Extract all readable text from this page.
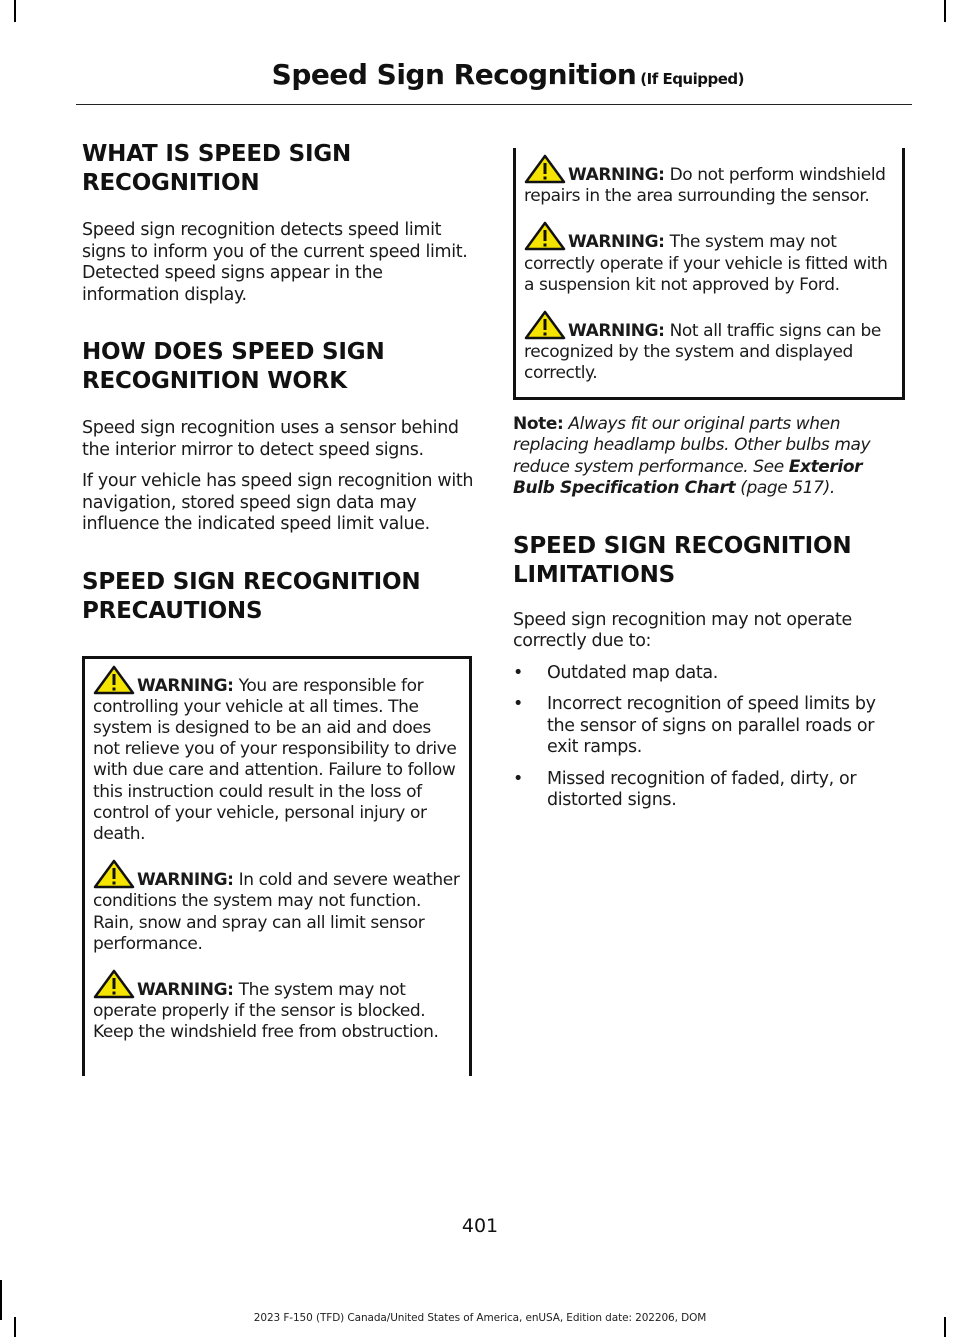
Speed Sign Recognition (If Equipped)
WHAT IS SPEED SIGN
RECOGNITION

Speed sign recognition detects speed limit signs to inform you of the current speed limit. Detected speed signs appear in the information display.

HOW DOES SPEED SIGN
RECOGNITION WORK

Speed sign recognition uses a sensor behind the interior mirror to detect speed signs.

If your vehicle has speed sign recognition with navigation, stored speed sign data may influence the indicated speed limit value.

SPEED SIGN RECOGNITION
PRECAUTIONS

WARNING: You are responsible for controlling your vehicle at all times. The system is designed to be an aid and does not relieve you of your responsibility to drive with due care and attention. Failure to follow this instruction could result in the loss of control of your vehicle, personal injury or death.

WARNING: In cold and severe weather conditions the system may not function. Rain, snow and spray can all limit sensor performance.

WARNING: The system may not operate properly if the sensor is blocked. Keep the windshield free from obstruction.

WARNING: Do not perform windshield repairs in the area surrounding the sensor.

WARNING: The system may not correctly operate if your vehicle is fitted with a suspension kit not approved by Ford.

WARNING: Not all traffic signs can be recognized by the system and displayed correctly.

Note: Always fit our original parts when replacing headlamp bulbs. Other bulbs may reduce system performance. See Exterior Bulb Specification Chart (page 517).

SPEED SIGN RECOGNITION
LIMITATIONS

Speed sign recognition may not operate correctly due to:

• Outdated map data.
• Incorrect recognition of speed limits by the sensor of signs on parallel roads or exit ramps.
• Missed recognition of faded, dirty, or distorted signs.
401
2023 F-150 (TFD) Canada/United States of America, enUSA, Edition date: 202206, DOM
